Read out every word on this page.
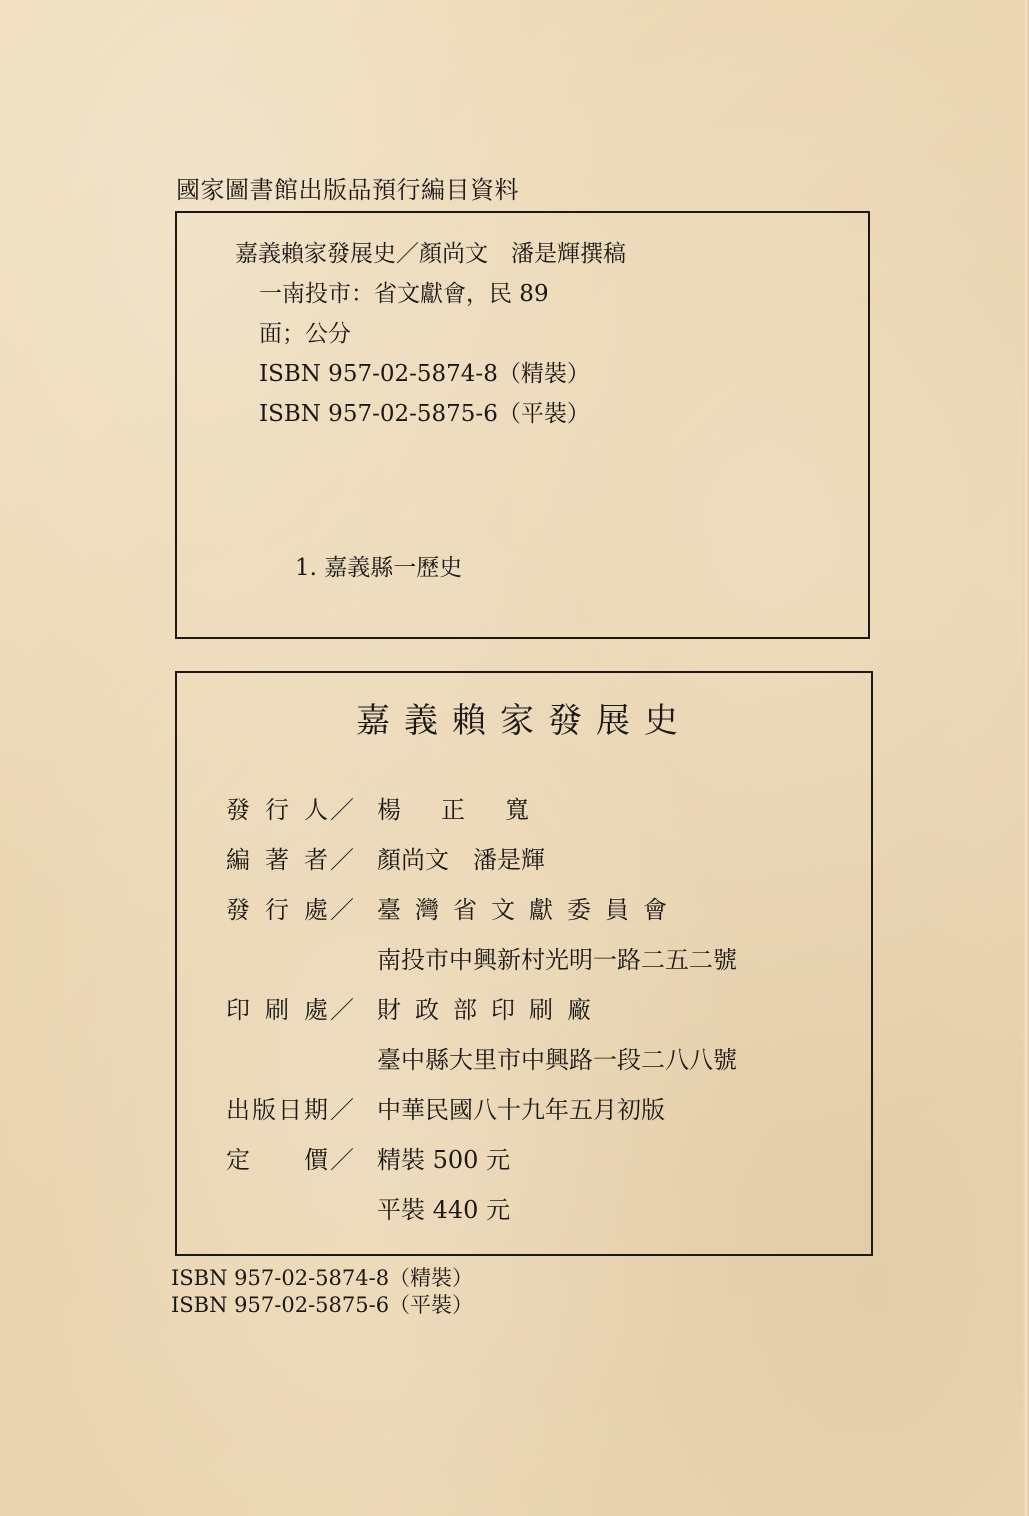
國家圖書館出版品預行編目資料
嘉義賴家發展史／顏尚文　潘是輝撰稿
一南投市：省文獻會，民 89
面；公分
ISBN 957-02-5874-8（精裝）
ISBN 957-02-5875-6（平裝）
1. 嘉義縣一歷史
嘉義賴家發展史
發行人／ 楊正寬
編著者／ 顏尚文　潘是輝
發行處／ 臺灣省文獻委員會
南投市中興新村光明一路二五二號
印刷處／ 財政部印刷廠
臺中縣大里市中興路一段二八八號
出版日期／ 中華民國八十九年五月初版
定價／ 精裝 500 元
平裝 440 元
ISBN 957-02-5874-8（精裝）
ISBN 957-02-5875-6（平裝）
